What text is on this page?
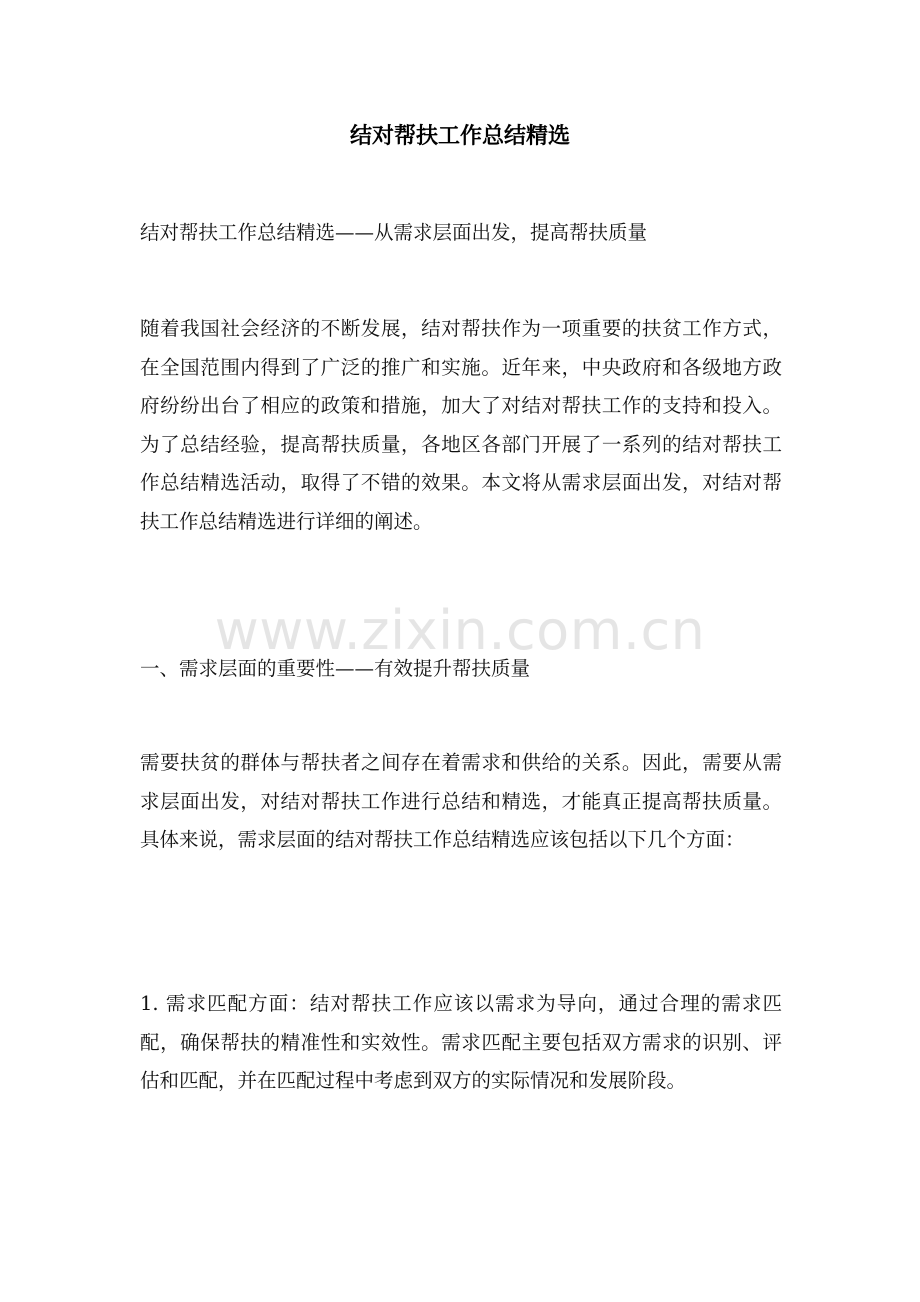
结对帮扶工作总结精选

结对帮扶工作总结精选——从需求层面出发，提高帮扶质量

随着我国社会经济的不断发展，结对帮扶作为一项重要的扶贫工作方式，在全国范围内得到了广泛的推广和实施。近年来，中央政府和各级地方政府纷纷出台了相应的政策和措施，加大了对结对帮扶工作的支持和投入。为了总结经验，提高帮扶质量，各地区各部门开展了一系列的结对帮扶工作总结精选活动，取得了不错的效果。本文将从需求层面出发，对结对帮扶工作总结精选进行详细的阐述。

一、需求层面的重要性——有效提升帮扶质量

需要扶贫的群体与帮扶者之间存在着需求和供给的关系。因此，需要从需求层面出发，对结对帮扶工作进行总结和精选，才能真正提高帮扶质量。具体来说，需求层面的结对帮扶工作总结精选应该包括以下几个方面：

1. 需求匹配方面：结对帮扶工作应该以需求为导向，通过合理的需求匹配，确保帮扶的精准性和实效性。需求匹配主要包括双方需求的识别、评估和匹配，并在匹配过程中考虑到双方的实际情况和发展阶段。

www.zixin.com.cn
